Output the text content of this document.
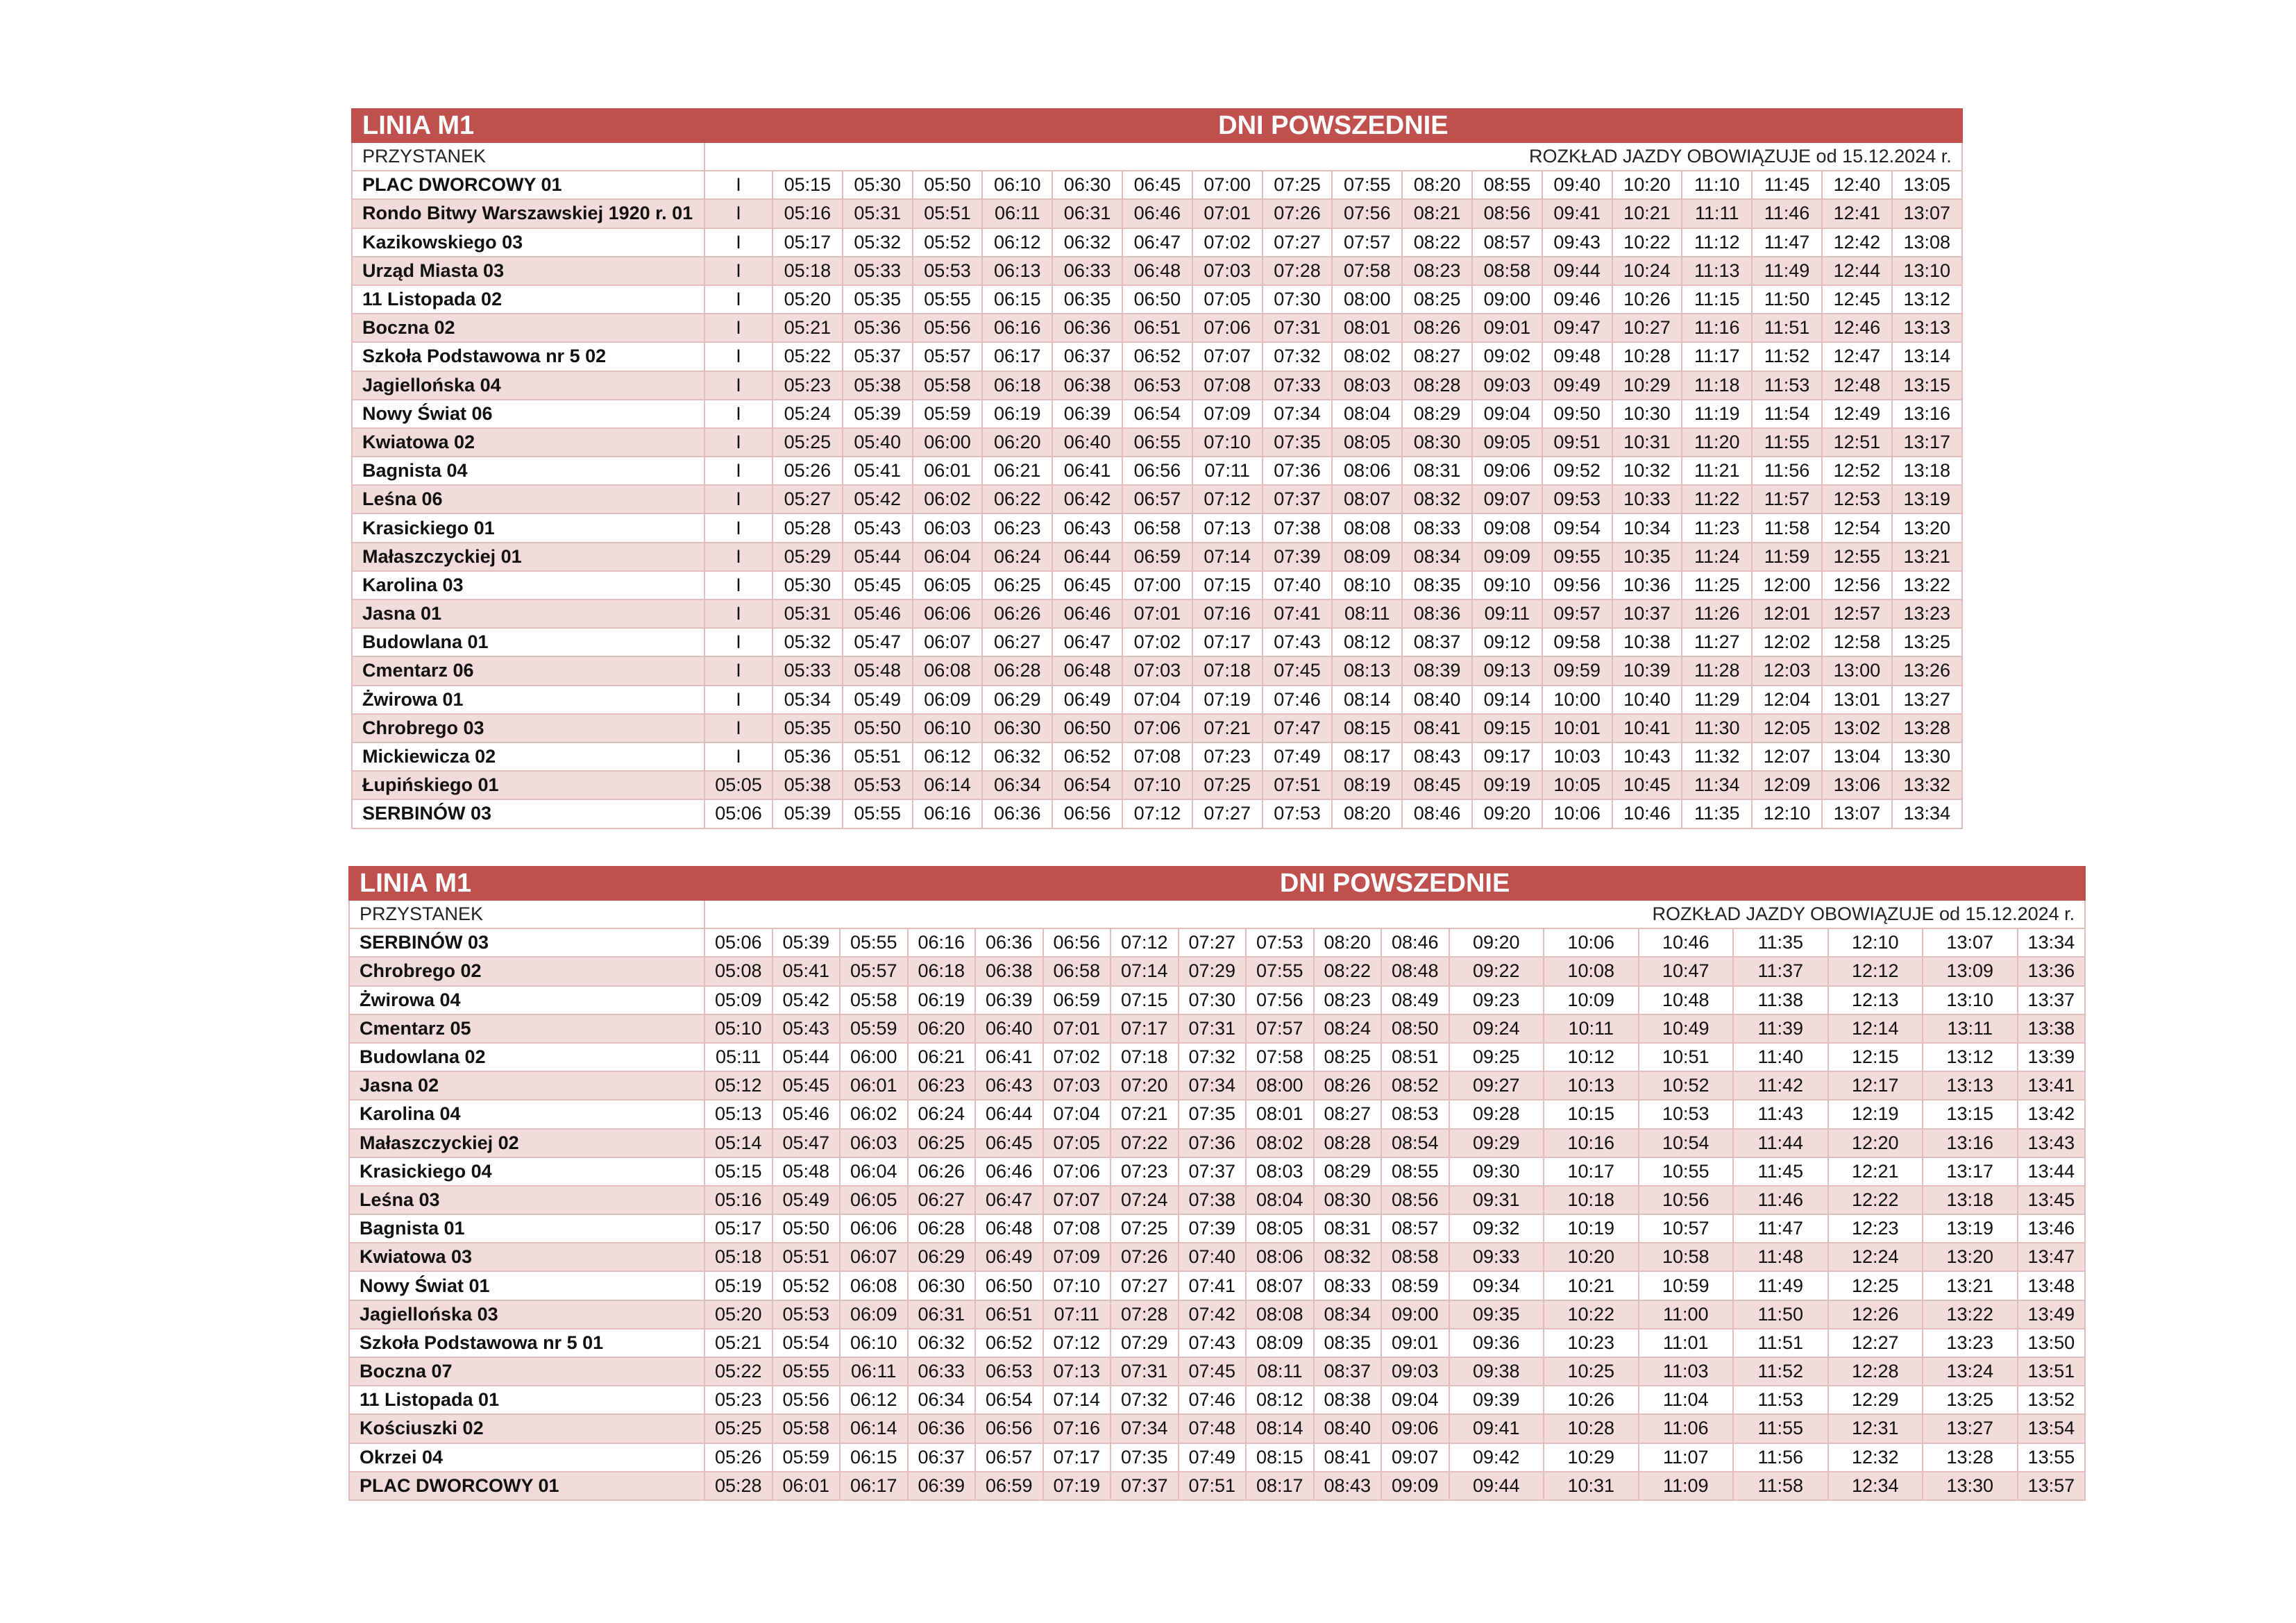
LINIA M1	DNI POWSZEDNIE																	
PRZYSTANEK	ROZKŁAD JAZDY OBOWIĄZUJE od 15.12.2024 r.																	
PLAC DWORCOWY 01	I	05:15	05:30	05:50	06:10	06:30	06:45	07:00	07:25	07:55	08:20	08:55	09:40	10:20	11:10	11:45	12:40	13:05
Rondo Bitwy Warszawskiej 1920 r. 01	I	05:16	05:31	05:51	06:11	06:31	06:46	07:01	07:26	07:56	08:21	08:56	09:41	10:21	11:11	11:46	12:41	13:07
Kazikowskiego 03	I	05:17	05:32	05:52	06:12	06:32	06:47	07:02	07:27	07:57	08:22	08:57	09:43	10:22	11:12	11:47	12:42	13:08
Urząd Miasta 03	I	05:18	05:33	05:53	06:13	06:33	06:48	07:03	07:28	07:58	08:23	08:58	09:44	10:24	11:13	11:49	12:44	13:10
11 Listopada 02	I	05:20	05:35	05:55	06:15	06:35	06:50	07:05	07:30	08:00	08:25	09:00	09:46	10:26	11:15	11:50	12:45	13:12
Boczna 02	I	05:21	05:36	05:56	06:16	06:36	06:51	07:06	07:31	08:01	08:26	09:01	09:47	10:27	11:16	11:51	12:46	13:13
Szkoła Podstawowa nr 5 02	I	05:22	05:37	05:57	06:17	06:37	06:52	07:07	07:32	08:02	08:27	09:02	09:48	10:28	11:17	11:52	12:47	13:14
Jagiellońska 04	I	05:23	05:38	05:58	06:18	06:38	06:53	07:08	07:33	08:03	08:28	09:03	09:49	10:29	11:18	11:53	12:48	13:15
Nowy Świat 06	I	05:24	05:39	05:59	06:19	06:39	06:54	07:09	07:34	08:04	08:29	09:04	09:50	10:30	11:19	11:54	12:49	13:16
Kwiatowa 02	I	05:25	05:40	06:00	06:20	06:40	06:55	07:10	07:35	08:05	08:30	09:05	09:51	10:31	11:20	11:55	12:51	13:17
Bagnista 04	I	05:26	05:41	06:01	06:21	06:41	06:56	07:11	07:36	08:06	08:31	09:06	09:52	10:32	11:21	11:56	12:52	13:18
Leśna 06	I	05:27	05:42	06:02	06:22	06:42	06:57	07:12	07:37	08:07	08:32	09:07	09:53	10:33	11:22	11:57	12:53	13:19
Krasickiego 01	I	05:28	05:43	06:03	06:23	06:43	06:58	07:13	07:38	08:08	08:33	09:08	09:54	10:34	11:23	11:58	12:54	13:20
Małaszczyckiej 01	I	05:29	05:44	06:04	06:24	06:44	06:59	07:14	07:39	08:09	08:34	09:09	09:55	10:35	11:24	11:59	12:55	13:21
Karolina 03	I	05:30	05:45	06:05	06:25	06:45	07:00	07:15	07:40	08:10	08:35	09:10	09:56	10:36	11:25	12:00	12:56	13:22
Jasna 01	I	05:31	05:46	06:06	06:26	06:46	07:01	07:16	07:41	08:11	08:36	09:11	09:57	10:37	11:26	12:01	12:57	13:23
Budowlana 01	I	05:32	05:47	06:07	06:27	06:47	07:02	07:17	07:43	08:12	08:37	09:12	09:58	10:38	11:27	12:02	12:58	13:25
Cmentarz 06	I	05:33	05:48	06:08	06:28	06:48	07:03	07:18	07:45	08:13	08:39	09:13	09:59	10:39	11:28	12:03	13:00	13:26
Żwirowa 01	I	05:34	05:49	06:09	06:29	06:49	07:04	07:19	07:46	08:14	08:40	09:14	10:00	10:40	11:29	12:04	13:01	13:27
Chrobrego 03	I	05:35	05:50	06:10	06:30	06:50	07:06	07:21	07:47	08:15	08:41	09:15	10:01	10:41	11:30	12:05	13:02	13:28
Mickiewicza 02	I	05:36	05:51	06:12	06:32	06:52	07:08	07:23	07:49	08:17	08:43	09:17	10:03	10:43	11:32	12:07	13:04	13:30
Łupińskiego 01	05:05	05:38	05:53	06:14	06:34	06:54	07:10	07:25	07:51	08:19	08:45	09:19	10:05	10:45	11:34	12:09	13:06	13:32
SERBINÓW 03	05:06	05:39	05:55	06:16	06:36	06:56	07:12	07:27	07:53	08:20	08:46	09:20	10:06	10:46	11:35	12:10	13:07	13:34
LINIA M1	DNI POWSZEDNIE																	
PRZYSTANEK	ROZKŁAD JAZDY OBOWIĄZUJE od 15.12.2024 r.																	
SERBINÓW 03	05:06	05:39	05:55	06:16	06:36	06:56	07:12	07:27	07:53	08:20	08:46	09:20	10:06	10:46	11:35	12:10	13:07	13:34
Chrobrego 02	05:08	05:41	05:57	06:18	06:38	06:58	07:14	07:29	07:55	08:22	08:48	09:22	10:08	10:47	11:37	12:12	13:09	13:36
Żwirowa 04	05:09	05:42	05:58	06:19	06:39	06:59	07:15	07:30	07:56	08:23	08:49	09:23	10:09	10:48	11:38	12:13	13:10	13:37
Cmentarz 05	05:10	05:43	05:59	06:20	06:40	07:01	07:17	07:31	07:57	08:24	08:50	09:24	10:11	10:49	11:39	12:14	13:11	13:38
Budowlana 02	05:11	05:44	06:00	06:21	06:41	07:02	07:18	07:32	07:58	08:25	08:51	09:25	10:12	10:51	11:40	12:15	13:12	13:39
Jasna 02	05:12	05:45	06:01	06:23	06:43	07:03	07:20	07:34	08:00	08:26	08:52	09:27	10:13	10:52	11:42	12:17	13:13	13:41
Karolina 04	05:13	05:46	06:02	06:24	06:44	07:04	07:21	07:35	08:01	08:27	08:53	09:28	10:15	10:53	11:43	12:19	13:15	13:42
Małaszczyckiej 02	05:14	05:47	06:03	06:25	06:45	07:05	07:22	07:36	08:02	08:28	08:54	09:29	10:16	10:54	11:44	12:20	13:16	13:43
Krasickiego 04	05:15	05:48	06:04	06:26	06:46	07:06	07:23	07:37	08:03	08:29	08:55	09:30	10:17	10:55	11:45	12:21	13:17	13:44
Leśna 03	05:16	05:49	06:05	06:27	06:47	07:07	07:24	07:38	08:04	08:30	08:56	09:31	10:18	10:56	11:46	12:22	13:18	13:45
Bagnista 01	05:17	05:50	06:06	06:28	06:48	07:08	07:25	07:39	08:05	08:31	08:57	09:32	10:19	10:57	11:47	12:23	13:19	13:46
Kwiatowa 03	05:18	05:51	06:07	06:29	06:49	07:09	07:26	07:40	08:06	08:32	08:58	09:33	10:20	10:58	11:48	12:24	13:20	13:47
Nowy Świat 01	05:19	05:52	06:08	06:30	06:50	07:10	07:27	07:41	08:07	08:33	08:59	09:34	10:21	10:59	11:49	12:25	13:21	13:48
Jagiellońska 03	05:20	05:53	06:09	06:31	06:51	07:11	07:28	07:42	08:08	08:34	09:00	09:35	10:22	11:00	11:50	12:26	13:22	13:49
Szkoła Podstawowa nr 5 01	05:21	05:54	06:10	06:32	06:52	07:12	07:29	07:43	08:09	08:35	09:01	09:36	10:23	11:01	11:51	12:27	13:23	13:50
Boczna 07	05:22	05:55	06:11	06:33	06:53	07:13	07:31	07:45	08:11	08:37	09:03	09:38	10:25	11:03	11:52	12:28	13:24	13:51
11 Listopada 01	05:23	05:56	06:12	06:34	06:54	07:14	07:32	07:46	08:12	08:38	09:04	09:39	10:26	11:04	11:53	12:29	13:25	13:52
Kościuszki 02	05:25	05:58	06:14	06:36	06:56	07:16	07:34	07:48	08:14	08:40	09:06	09:41	10:28	11:06	11:55	12:31	13:27	13:54
Okrzei 04	05:26	05:59	06:15	06:37	06:57	07:17	07:35	07:49	08:15	08:41	09:07	09:42	10:29	11:07	11:56	12:32	13:28	13:55
PLAC DWORCOWY 01	05:28	06:01	06:17	06:39	06:59	07:19	07:37	07:51	08:17	08:43	09:09	09:44	10:31	11:09	11:58	12:34	13:30	13:57
